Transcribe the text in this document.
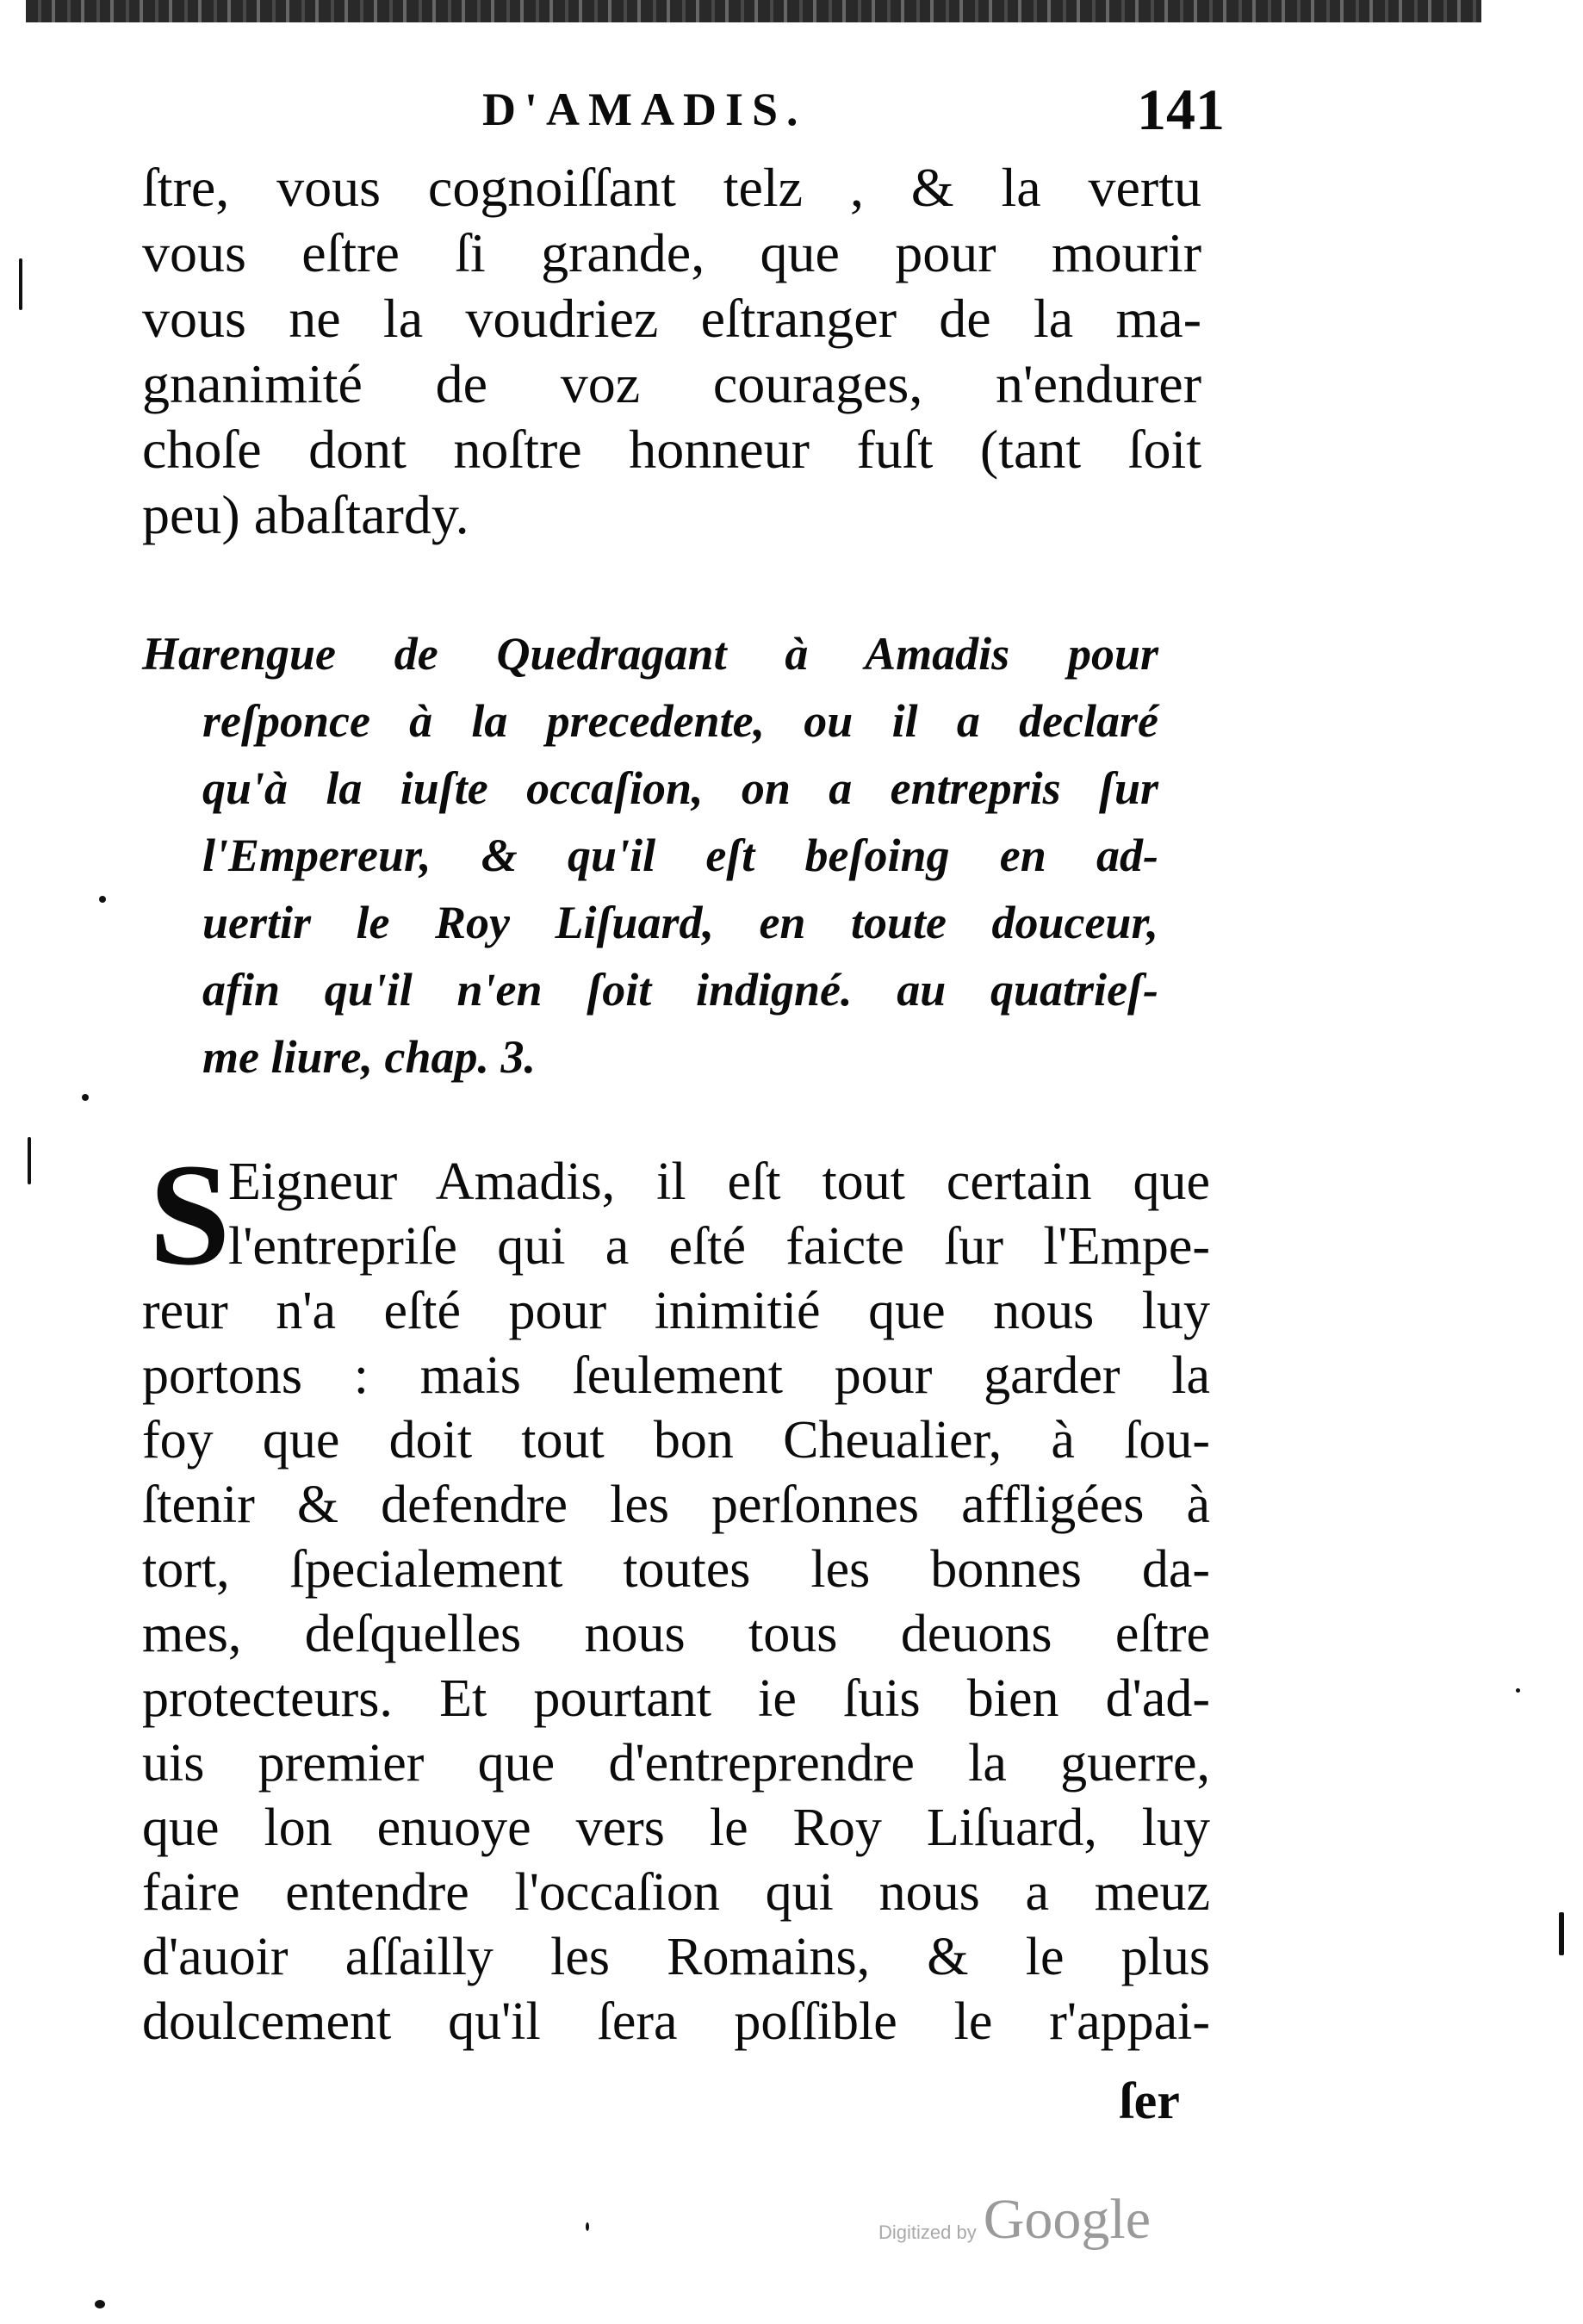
D'AMADIS.	141
ſtre, vous cognoiſſant telz , & la vertu
vous eſtre ſi grande, que pour mourir
vous ne la voudriez eſtranger de la ma-
gnanimité de voz courages, n'endurer
choſe dont noſtre honneur fuſt (tant ſoit
peu) abaſtardy.
Harengue de Quedragant à Amadis pour
reſponce à la precedente, ou il a declaré
qu'à la iuſte occaſion, on a entrepris ſur
l'Empereur, & qu'il eſt beſoing en ad-
uertir le Roy Liſuard, en toute douceur,
afin qu'il n'en ſoit indigné. au quatrieſ-
me liure, chap. 3.
S
Eigneur Amadis, il eſt tout certain que
l'entrepriſe qui a eſté faicte ſur l'Empe-
reur n'a eſté pour inimitié que nous luy
portons : mais ſeulement pour garder la
foy que doit tout bon Cheualier, à ſou-
ſtenir & defendre les perſonnes affligées à
tort, ſpecialement toutes les bonnes da-
mes, deſquelles nous tous deuons eſtre
protecteurs. Et pourtant ie ſuis bien d'ad-
uis premier que d'entreprendre la guerre,
que lon enuoye vers le Roy Liſuard, luy
faire entendre l'occaſion qui nous a meuz
d'auoir aſſailly les Romains, & le plus
doulcement qu'il ſera poſſible le r'appai-
ſer
Digitized by Google
